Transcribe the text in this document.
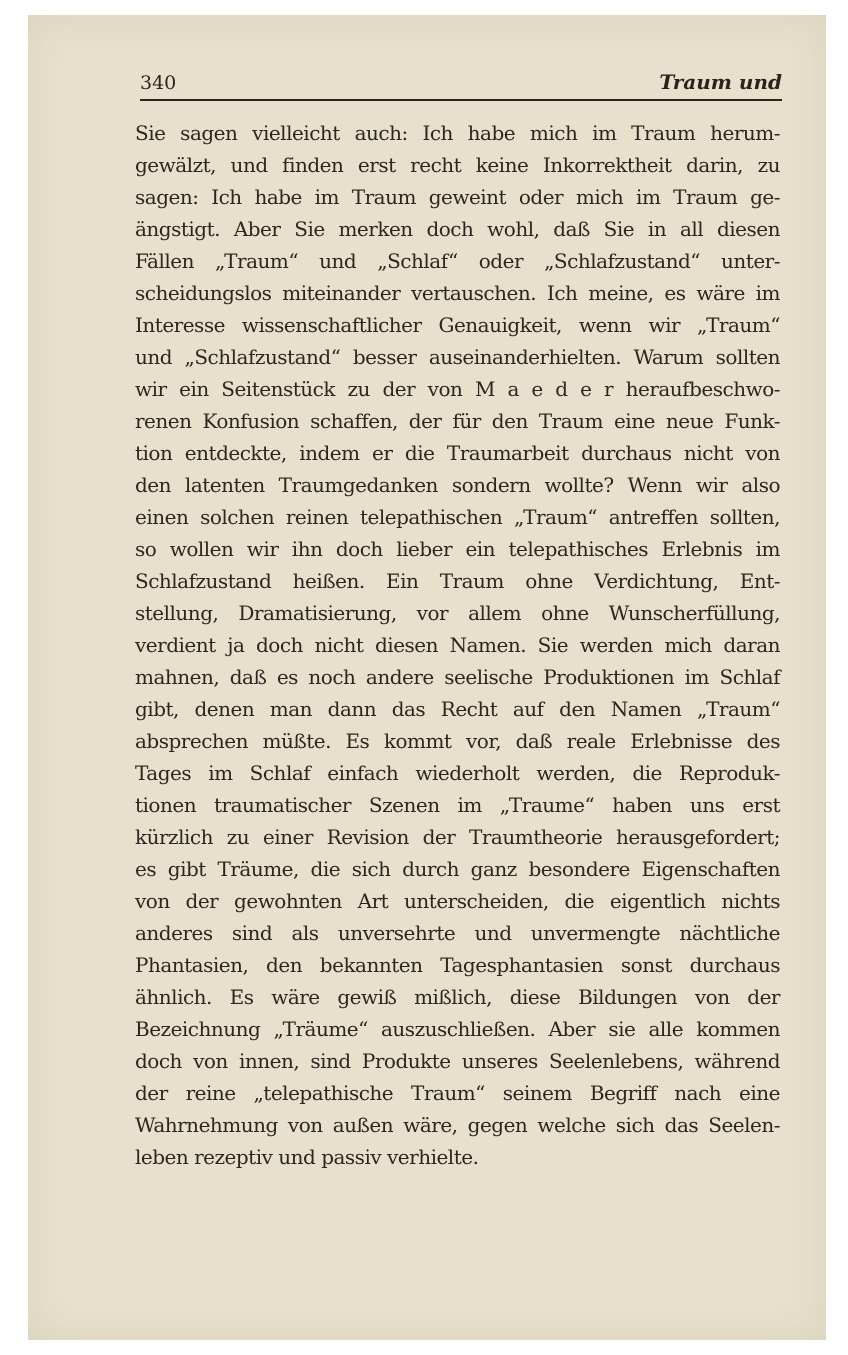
340	Traum und
Sie sagen vielleicht auch: Ich habe mich im Traum herum-
gewälzt, und finden erst recht keine Inkorrektheit darin, zu
sagen: Ich habe im Traum geweint oder mich im Traum ge-
ängstigt. Aber Sie merken doch wohl, daß Sie in all diesen
Fällen „Traum“ und „Schlaf“ oder „Schlafzustand“ unter-
scheidungslos miteinander vertauschen. Ich meine, es wäre im
Interesse wissenschaftlicher Genauigkeit, wenn wir „Traum“
und „Schlafzustand“ besser auseinanderhielten. Warum sollten
wir ein Seitenstück zu der von M a e d e r heraufbeschwo-
renen Konfusion schaffen, der für den Traum eine neue Funk-
tion entdeckte, indem er die Traumarbeit durchaus nicht von
den latenten Traumgedanken sondern wollte? Wenn wir also
einen solchen reinen telepathischen „Traum“ antreffen sollten,
so wollen wir ihn doch lieber ein telepathisches Erlebnis im
Schlafzustand heißen. Ein Traum ohne Verdichtung, Ent-
stellung, Dramatisierung, vor allem ohne Wunscherfüllung,
verdient ja doch nicht diesen Namen. Sie werden mich daran
mahnen, daß es noch andere seelische Produktionen im Schlaf
gibt, denen man dann das Recht auf den Namen „Traum“
absprechen müßte. Es kommt vor, daß reale Erlebnisse des
Tages im Schlaf einfach wiederholt werden, die Reproduk-
tionen traumatischer Szenen im „Traume“ haben uns erst
kürzlich zu einer Revision der Traumtheorie herausgefordert;
es gibt Träume, die sich durch ganz besondere Eigenschaften
von der gewohnten Art unterscheiden, die eigentlich nichts
anderes sind als unversehrte und unvermengte nächtliche
Phantasien, den bekannten Tagesphantasien sonst durchaus
ähnlich. Es wäre gewiß mißlich, diese Bildungen von der
Bezeichnung „Träume“ auszuschließen. Aber sie alle kommen
doch von innen, sind Produkte unseres Seelenlebens, während
der reine „telepathische Traum“ seinem Begriff nach eine
Wahrnehmung von außen wäre, gegen welche sich das Seelen-
leben rezeptiv und passiv verhielte.
